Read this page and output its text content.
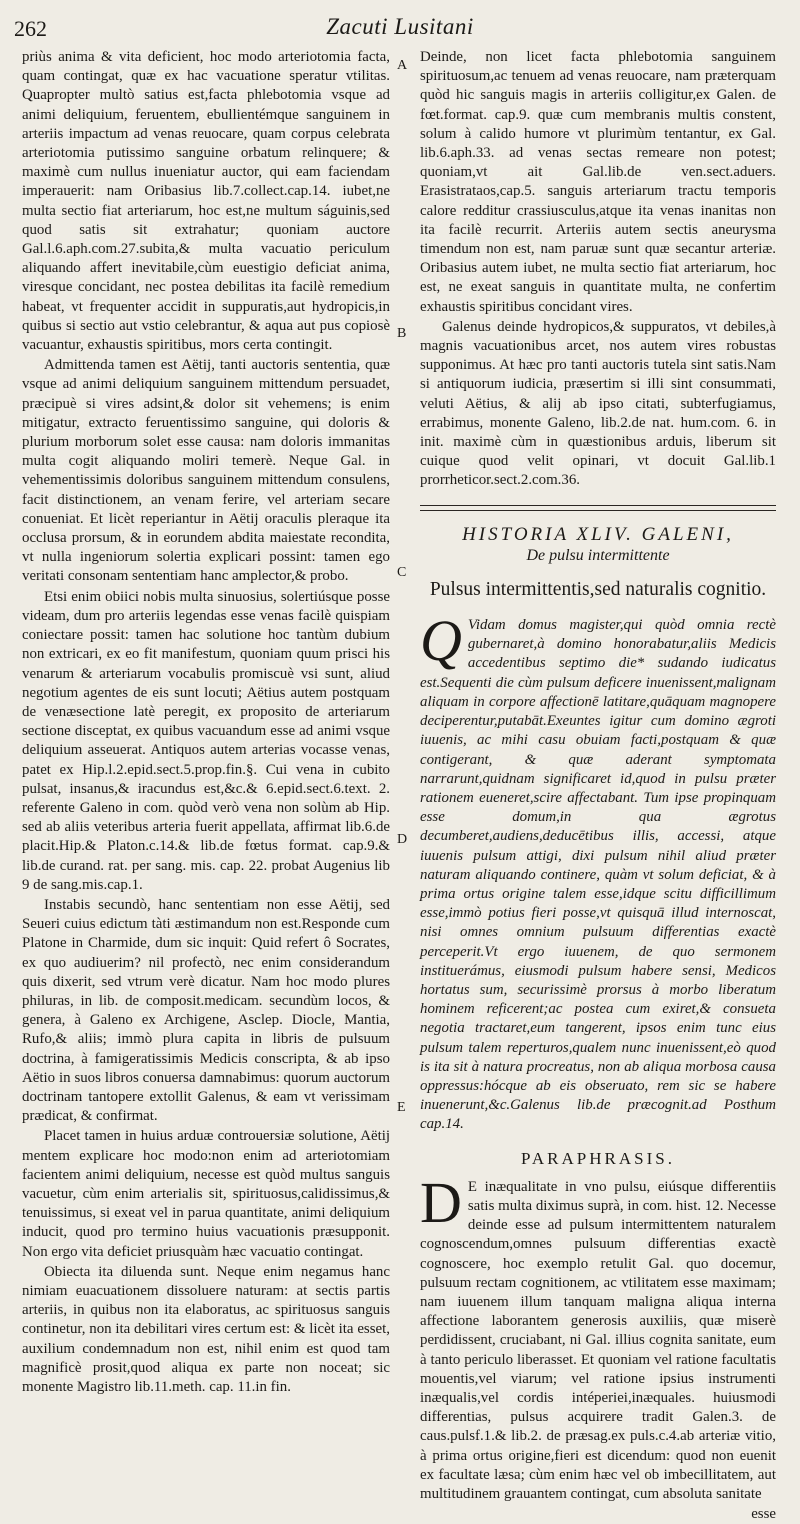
262	Zacuti Lusitani
A
B
C
D
E

priùs anima & vita deficient, hoc modo arteriotomia facta, quam contingat, quæ ex hac vacuatione speratur vtilitas. Quapropter multò satius est,facta phlebotomia vsque ad animi deliquium, feruentem, ebullientémque sanguinem in arteriis impactum ad venas reuocare, quam corpus celebrata arteriotomia putissimo sanguine orbatum relinquere; & maximè cum nullus inueniatur auctor, qui eam faciendam imperauerit: nam Oribasius lib.7.collect.cap.14. iubet,ne multa sectio fiat arteriarum, hoc est,ne multum ságuinis,sed quod satis sit extrahatur; quoniam auctore Gal.l.6.aph.com.27.subita,& multa vacuatio periculum aliquando affert inevitabile,cùm euestigio deficiat anima, viresque concidant, nec postea debilitas ita facilè remedium habeat, vt frequenter accidit in suppuratis,aut hydropicis,in quibus si sectio aut vstio celebrantur, & aqua aut pus copiosè vacuantur, exhaustis spiritibus, mors certa contingit.

Admittenda tamen est Aëtij, tanti auctoris sententia, quæ vsque ad animi deliquium sanguinem mittendum persuadet, præcipuè si vires adsint,& dolor sit vehemens; is enim mitigatur, extracto feruentissimo sanguine, qui doloris & plurium morborum solet esse causa: nam doloris immanitas multa cogit aliquando moliri temerè. Neque Gal. in vehementissimis doloribus sanguinem mittendum consulens, facit distinctionem, an venam ferire, vel arteriam secare conueniat. Et licèt reperiantur in Aëtij oraculis pleraque ita occlusa prorsum, & in eorundem abdita maiestate recondita, vt nulla ingeniorum solertia explicari possint: tamen ego veritati consonam sententiam hanc amplector,& probo.

Etsi enim obiici nobis multa sinuosius, solertiúsque posse videam, dum pro arteriis legendas esse venas facilè quispiam coniectare possit: tamen hac solutione hoc tantùm dubium non extricari, ex eo fit manifestum, quoniam quum prisci his venarum & arteriarum vocabulis promiscuè vsi sunt, aliud negotium agentes de eis sunt locuti; Aëtius autem postquam de venæsectione latè peregit, ex proposito de arteriarum sectione disceptat, ex quibus vacuandum esse ad animi vsque deliquium asseuerat. Antiquos autem arterias vocasse venas, patet ex Hip.l.2.epid.sect.5.prop.fin.§. Cui vena in cubito pulsat, insanus,& iracundus est,&c.& 6.epid.sect.6.text. 2. referente Galeno in com. quòd verò vena non solùm ab Hip. sed ab aliis veteribus arteria fuerit appellata, affirmat lib.6.de placit.Hip.& Platon.c.14.& lib.de fœtus format. cap.9.& lib.de curand. rat. per sang. mis. cap. 22. probat Augenius lib 9 de sang.mis.cap.1.

Instabis secundò, hanc sententiam non esse Aëtij, sed Seueri cuius edictum tàti æstimandum non est.Responde cum Platone in Charmide, dum sic inquit: Quid refert ô Socrates, ex quo audiuerim? nil profectò, nec enim considerandum quis dixerit, sed vtrum verè dicatur. Nam hoc modo plures philuras, in lib. de composit.medicam. secundùm locos, & genera, à Galeno ex Archigene, Asclep. Diocle, Mantia, Rufo,& aliis; immò plura capita in libris de pulsuum doctrina, à famigeratissimis Medicis conscripta, & ab ipso Aëtio in suos libros conuersa damnabimus: quorum auctorum doctrinam tantopere extollit Galenus, & eam vt verissimam prædicat, & confirmat.

Placet tamen in huius arduæ controuersiæ solutione, Aëtij mentem explicare hoc modo:non enim ad arteriotomiam facientem animi deliquium, necesse est quòd multus sanguis vacuetur, cùm enim arterialis sit, spirituosus,calidissimus,& tenuissimus, si exeat vel in parua quantitate, animi deliquium inducit, quod pro termino huius vacuationis præsupponit. Non ergo vita deficiet priusquàm hæc vacuatio contingat.

Obiecta ita diluenda sunt. Neque enim negamus hanc nimiam euacuationem dissoluere naturam: at sectis partis arteriis, in quibus non ita elaboratus, ac spirituosus sanguis continetur, non ita debilitari vires certum est: & licèt ita esset, auxilium condemnadum non est, nihil enim est quod tam magnificè prosit,quod aliqua ex parte non noceat; sic monente Magistro lib.11.meth. cap. 11.in fin.

Deinde, non licet facta phlebotomia sanguinem spirituosum,ac tenuem ad venas reuocare, nam præterquam quòd hic sanguis magis in arteriis colligitur,ex Galen. de fœt.format. cap.9. quæ cum membranis multis constent, solum à calido humore vt plurimùm tentantur, ex Gal. lib.6.aph.33. ad venas sectas remeare non potest; quoniam,vt ait Gal.lib.de ven.sect.aduers. Erasistrataos,cap.5. sanguis arteriarum tractu temporis calore redditur crassiusculus,atque ita venas inanitas non ita facilè recurrit. Arteriis autem sectis aneurysma timendum non est, nam paruæ sunt quæ secantur arteriæ. Oribasius autem iubet, ne multa sectio fiat arteriarum, hoc est, ne exeat sanguis in quantitate multa, ne confertim exhaustis spiritibus concidant vires.

Galenus deinde hydropicos,& suppuratos, vt debiles,à magnis vacuationibus arcet, nos autem vires robustas supponimus. At hæc pro tanti auctoris tutela sint satis.Nam si antiquorum iudicia, præsertim si illi sint consummati, veluti Aëtius, & alij ab ipso citati, subterfugiamus, errabimus, monente Galeno, lib.2.de nat. hum.com. 6. in init. maximè cùm in quæstionibus arduis, liberum sit cuique quod velit opinari, vt docuit Gal.lib.1 prorrheticor.sect.2.com.36.

HISTORIA XLIV. GALENI,
De pulsu intermittente
Pulsus intermittentis,sed naturalis cognitio.

Q Vidam domus magister,qui quòd omnia rectè gubernaret,à domino honorabatur,aliis Medicis accedentibus septimo die* sudando iudicatus est.Sequenti die cùm pulsum deficere inuenissent,malignam aliquam in corpore affectionē latitare,quāquam magnopere deciperentur,putabāt.Exeuntes igitur cum domino ægroti iuuenis, ac mihi casu obuiam facti,postquam & quæ contigerant, & quæ aderant symptomata narrarunt,quidnam significaret id,quod in pulsu præter rationem eueneret,scire affectabant. Tum ipse propinquam esse domum,in qua ægrotus decumberet,audiens,deducētibus illis, accessi, atque iuuenis pulsum attigi, dixi pulsum nihil aliud præter naturam aliquando continere, quàm vt solum deficiat, & à prima ortus origine talem esse,idque scitu difficillimum esse,immò potius fieri posse,vt quisquā illud internoscat, nisi omnes omnium pulsuum differentias exactè perceperit.Vt ergo iuuenem, de quo sermonem instituerámus, eiusmodi pulsum habere sensi, Medicos hortatus sum, securissimè prorsus à morbo liberatum hominem reficerent;ac postea cum exiret,& consueta negotia tractaret,eum tangerent, ipsos enim tunc eius pulsum talem reperturos,qualem nunc inuenissent,eò quod is ita sit à natura procreatus, non ab aliqua morbosa causa oppressus:hócque ab eis obseruato, rem sic se habere inuenerunt,&c.Galenus lib.de præcognit.ad Posthum cap.14.

PARAPHRASIS.

D E inæqualitate in vno pulsu, eiúsque differentiis satis multa diximus suprà, in com. hist. 12. Necesse deinde esse ad pulsum intermittentem naturalem cognoscendum,omnes pulsuum differentias exactè cognoscere, hoc exemplo retulit Gal. quo docemur, pulsuum rectam cognitionem, ac vtilitatem esse maximam; nam iuuenem illum tanquam maligna aliqua interna affectione laborantem generosis auxiliis, quæ miserè perdidissent, cruciabant, ni Gal. illius cognita sanitate, eum à tanto periculo liberasset. Et quoniam vel ratione facultatis mouentis,vel viarum; vel ratione ipsius instrumenti inæqualis,vel cordis intéperiei,inæquales. huiusmodi differentias, pulsus acquirere tradit Galen.3. de caus.pulsf.1.& lib.2. de præsag.ex puls.c.4.ab arteriæ vitio, à prima ortus origine,fieri est dicendum: quod non euenit ex facultate læsa; cùm enim hæc vel ob imbecillitatem, aut multitudinem grauantem contingat, cum absoluta sanitate

esse
